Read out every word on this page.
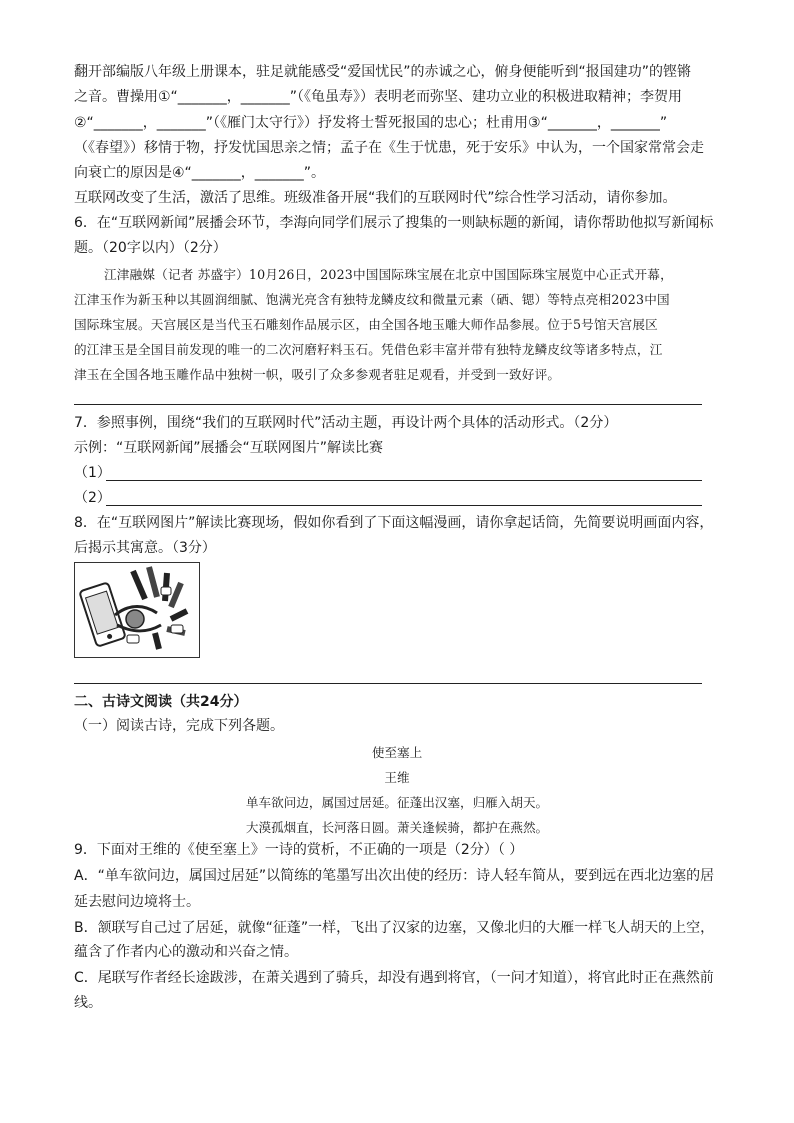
翻开部编版八年级上册课本，驻足就能感受“爱国忧民”的赤诚之心，俯身便能听到“报国建功”的铿锵
之音。曹操用①“_______，_______”（《龟虽寿》）表明老而弥坚、建功立业的积极进取精神；李贺用
②“_______，_______”（《雁门太守行》）抒发将士誓死报国的忠心；杜甫用③“_______，_______”
（《春望》）移情于物，抒发忧国思亲之情；孟子在《生于忧患，死于安乐》中认为，一个国家常常会走
向衰亡的原因是④“_______，_______”。
互联网改变了生活，激活了思维。班级准备开展“我们的互联网时代”综合性学习活动，请你参加。
6．在“互联网新闻”展播会环节，李海向同学们展示了搜集的一则缺标题的新闻，请你帮助他拟写新闻标
题。（20字以内）（2分）
江津融媒（记者 苏盛宇）10月26日，2023中国国际珠宝展在北京中国国际珠宝展览中心正式开幕，
江津玉作为新玉种以其圆润细腻、饱满光亮含有独特龙鳞皮纹和微量元素（硒、锶）等特点亮相2023中国
国际珠宝展。天宫展区是当代玉石雕刻作品展示区，由全国各地玉雕大师作品参展。位于5号馆天宫展区
的江津玉是全国目前发现的唯一的二次河磨籽料玉石。凭借色彩丰富并带有独特龙鳞皮纹等诸多特点，江
津玉在全国各地玉雕作品中独树一帜，吸引了众多参观者驻足观看，并受到一致好评。
7．参照事例，围绕“我们的互联网时代”活动主题，再设计两个具体的活动形式。（2分）
示例：“互联网新闻”展播会“互联网图片”解读比赛
（1）
（2）
8．在“互联网图片”解读比赛现场，假如你看到了下面这幅漫画，请你拿起话筒，先简要说明画面内容，
后揭示其寓意。（3分）
二、古诗文阅读（共24分）
（一）阅读古诗，完成下列各题。
使至塞上
王维
单车欲问边，属国过居延。征蓬出汉塞，归雁入胡天。
大漠孤烟直，长河落日圆。萧关逢候骑，都护在燕然。
9．下面对王维的《使至塞上》一诗的赏析，不正确的一项是（2分）（ ）
A．“单车欲问边，属国过居延”以简练的笔墨写出次出使的经历：诗人轻车简从，要到远在西北边塞的居
延去慰问边境将士。
B．颔联写自己过了居延，就像“征蓬”一样，飞出了汉家的边塞，又像北归的大雁一样飞人胡天的上空，
蕴含了作者内心的激动和兴奋之情。
C．尾联写作者经长途跋涉，在萧关遇到了骑兵，却没有遇到将官，（一问才知道），将官此时正在燕然前
线。
